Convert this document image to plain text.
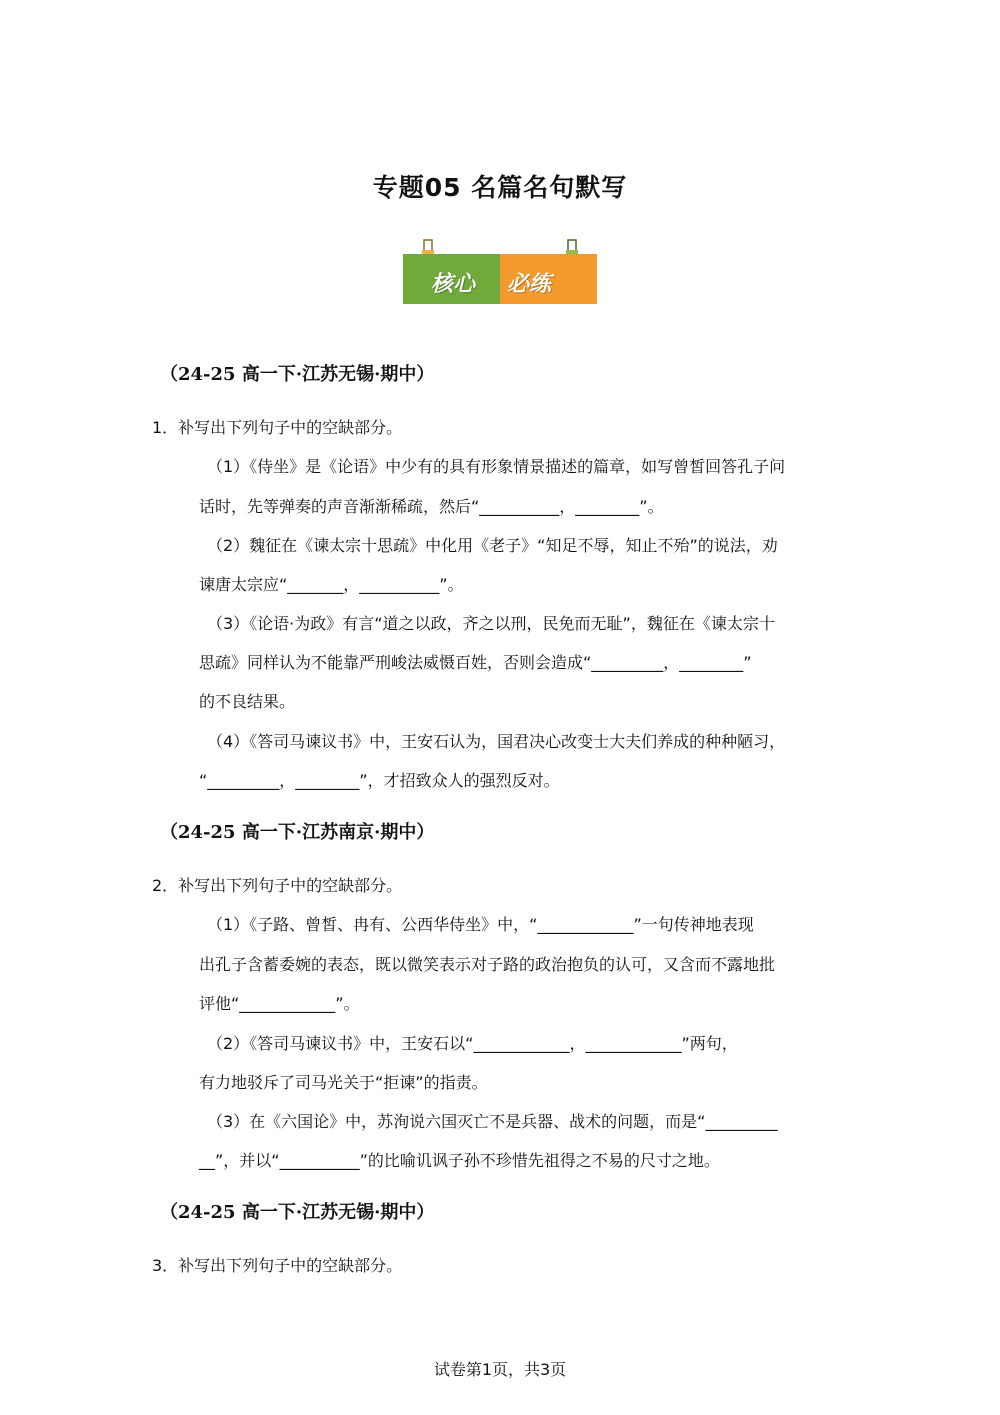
专题05 名篇名句默写
核心 必练
（24-25 高一下·江苏无锡·期中）
1．补写出下列句子中的空缺部分。
（1）《侍坐》是《论语》中少有的具有形象情景描述的篇章，如写曾皙回答孔子问
话时，先等弹奏的声音渐渐稀疏，然后“__________，________”。
（2）魏征在《谏太宗十思疏》中化用《老子》“知足不辱，知止不殆”的说法，劝
谏唐太宗应“_______，__________”。
（3）《论语·为政》有言“道之以政，齐之以刑，民免而无耻”，魏征在《谏太宗十
思疏》同样认为不能靠严刑峻法威慑百姓，否则会造成“_________，________”
的不良结果。
（4）《答司马谏议书》中，王安石认为，国君决心改变士大夫们养成的种种陋习，
“_________，________”，才招致众人的强烈反对。
（24-25 高一下·江苏南京·期中）
2．补写出下列句子中的空缺部分。
（1）《子路、曾皙、冉有、公西华侍坐》中，“____________”一句传神地表现
出孔子含蓄委婉的表态，既以微笑表示对子路的政治抱负的认可，又含而不露地批
评他“____________”。
（2）《答司马谏议书》中，王安石以“____________，____________”两句，
有力地驳斥了司马光关于“拒谏”的指责。
（3）在《六国论》中，苏洵说六国灭亡不是兵器、战术的问题，而是“_________
__”，并以“__________”的比喻讥讽子孙不珍惜先祖得之不易的尺寸之地。
（24-25 高一下·江苏无锡·期中）
3．补写出下列句子中的空缺部分。
试卷第1页，共3页
